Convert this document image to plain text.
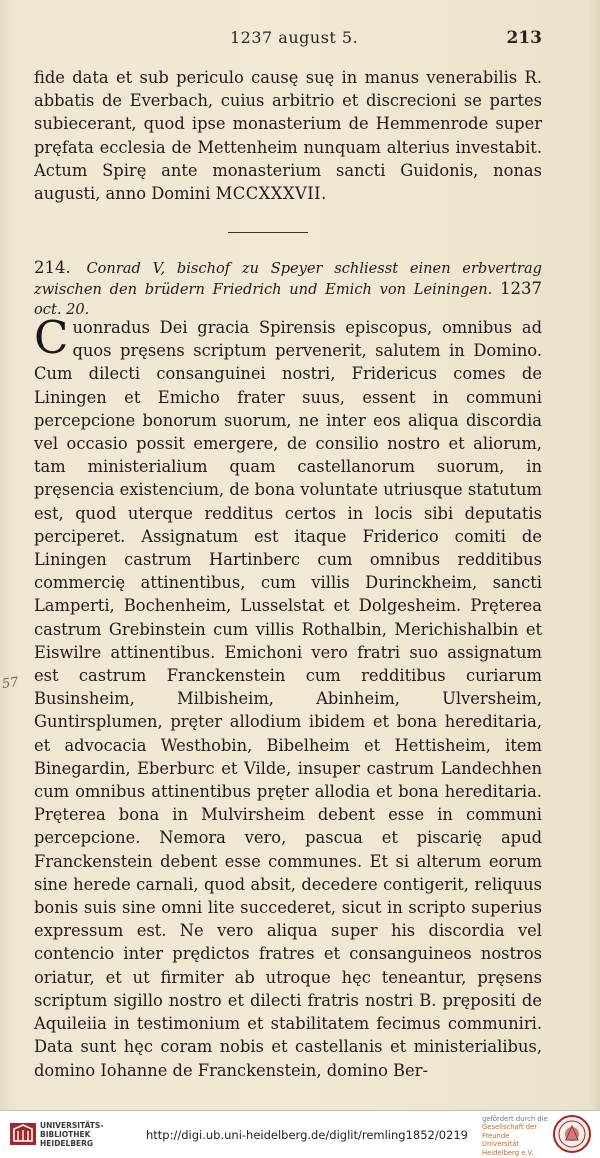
1237 august 5.	213

fide data et sub periculo causę suę in manus venerabilis R. abbatis de Everbach, cuius arbitrio et discrecioni se partes subiecerant, quod ipse monasterium de Hemmenrode super pręfata ecclesia de Mettenheim nunquam alterius investabit. Actum Spirę ante monasterium sancti Guidonis, nonas augusti, anno Domini MCCXXXVII.

214. Conrad V, bischof zu Speyer schliesst einen erbvertrag zwischen den brüdern Friedrich und Emich von Leiningen. 1237 oct. 20.

Cuonradus Dei gracia Spirensis episcopus, omnibus ad quos pręsens scriptum pervenerit, salutem in Domino. Cum dilecti consanguinei nostri, Fridericus comes de Liningen et Emicho frater suus, essent in communi percepcione bonorum suorum, ne inter eos aliqua discordia vel occasio possit emergere, de consilio nostro et aliorum, tam ministerialium quam castellanorum suorum, in pręsencia existencium, de bona voluntate utriusque statutum est, quod uterque redditus certos in locis sibi deputatis perciperet. Assignatum est itaque Friderico comiti de Liningen castrum Hartinberc cum omnibus redditibus commercię attinentibus, cum villis Durinckheim, sancti Lamperti, Bochenheim, Lusselstat et Dolgesheim. Pręterea castrum Grebinstein cum villis Rothalbin, Merichishalbin et Eiswilre attinentibus. Emichoni vero fratri suo assignatum est castrum Franckenstein cum redditibus curiarum Businsheim, Milbisheim, Abinheim, Ulversheim, Guntirsplumen, pręter allodium ibidem et bona hereditaria, et advocacia Westhobin, Bibelheim et Hettisheim, item Binegardin, Eberburc et Vilde, insuper castrum Landechhen cum omnibus attinentibus pręter allodia et bona hereditaria. Pręterea bona in Mulvirsheim debent esse in communi percepcione. Nemora vero, pascua et piscarię apud Franckenstein debent esse communes. Et si alterum eorum sine herede carnali, quod absit, decedere contigerit, reliquus bonis suis sine omni lite succederet, sicut in scripto superius expressum est. Ne vero aliqua super his discordia vel contencio inter prędictos fratres et consanguineos nostros oriatur, et ut firmiter ab utroque hęc teneantur, pręsens scriptum sigillo nostro et dilecti fratris nostri B. prępositi de Aquileiia in testimonium et stabilitatem fecimus communiri. Data sunt hęc coram nobis et castellanis et ministerialibus, domino Iohanne de Franckenstein, domino Ber-

57
UNIVERSITÄTS-
BIBLIOTHEK
HEIDELBERG
http://digi.ub.uni-heidelberg.de/diglit/remling1852/0219
gefördert durch die
Gesellschaft der Freunde
Universität Heidelberg e.V.
